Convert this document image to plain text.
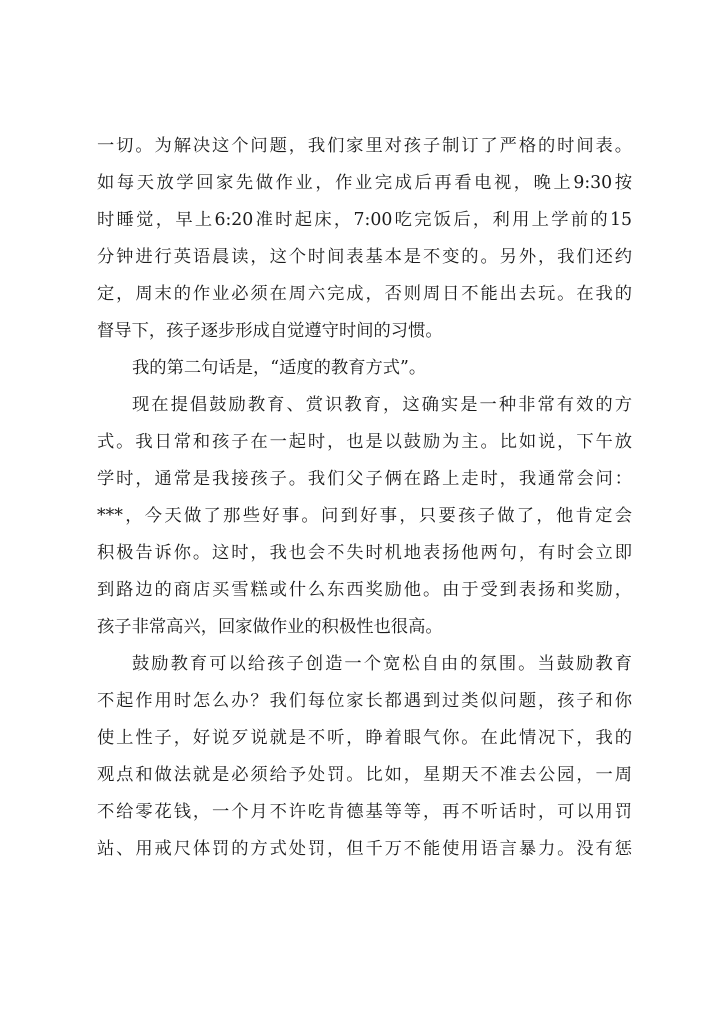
一切。为解决这个问题，我们家里对孩子制订了严格的时间表。
如每天放学回家先做作业，作业完成后再看电视，晚上9:30按
时睡觉，早上6:20准时起床，7:00吃完饭后，利用上学前的15
分钟进行英语晨读，这个时间表基本是不变的。另外，我们还约
定，周末的作业必须在周六完成，否则周日不能出去玩。在我的
督导下，孩子逐步形成自觉遵守时间的习惯。
我的第二句话是，“适度的教育方式”。
现在提倡鼓励教育、赏识教育，这确实是一种非常有效的方
式。我日常和孩子在一起时，也是以鼓励为主。比如说，下午放
学时，通常是我接孩子。我们父子俩在路上走时，我通常会问：
***，今天做了那些好事。问到好事，只要孩子做了，他肯定会
积极告诉你。这时，我也会不失时机地表扬他两句，有时会立即
到路边的商店买雪糕或什么东西奖励他。由于受到表扬和奖励，
孩子非常高兴，回家做作业的积极性也很高。
鼓励教育可以给孩子创造一个宽松自由的氛围。当鼓励教育
不起作用时怎么办？我们每位家长都遇到过类似问题，孩子和你
使上性子，好说歹说就是不听，睁着眼气你。在此情况下，我的
观点和做法就是必须给予处罚。比如，星期天不准去公园，一周
不给零花钱，一个月不许吃肯德基等等，再不听话时，可以用罚
站、用戒尺体罚的方式处罚，但千万不能使用语言暴力。没有惩
